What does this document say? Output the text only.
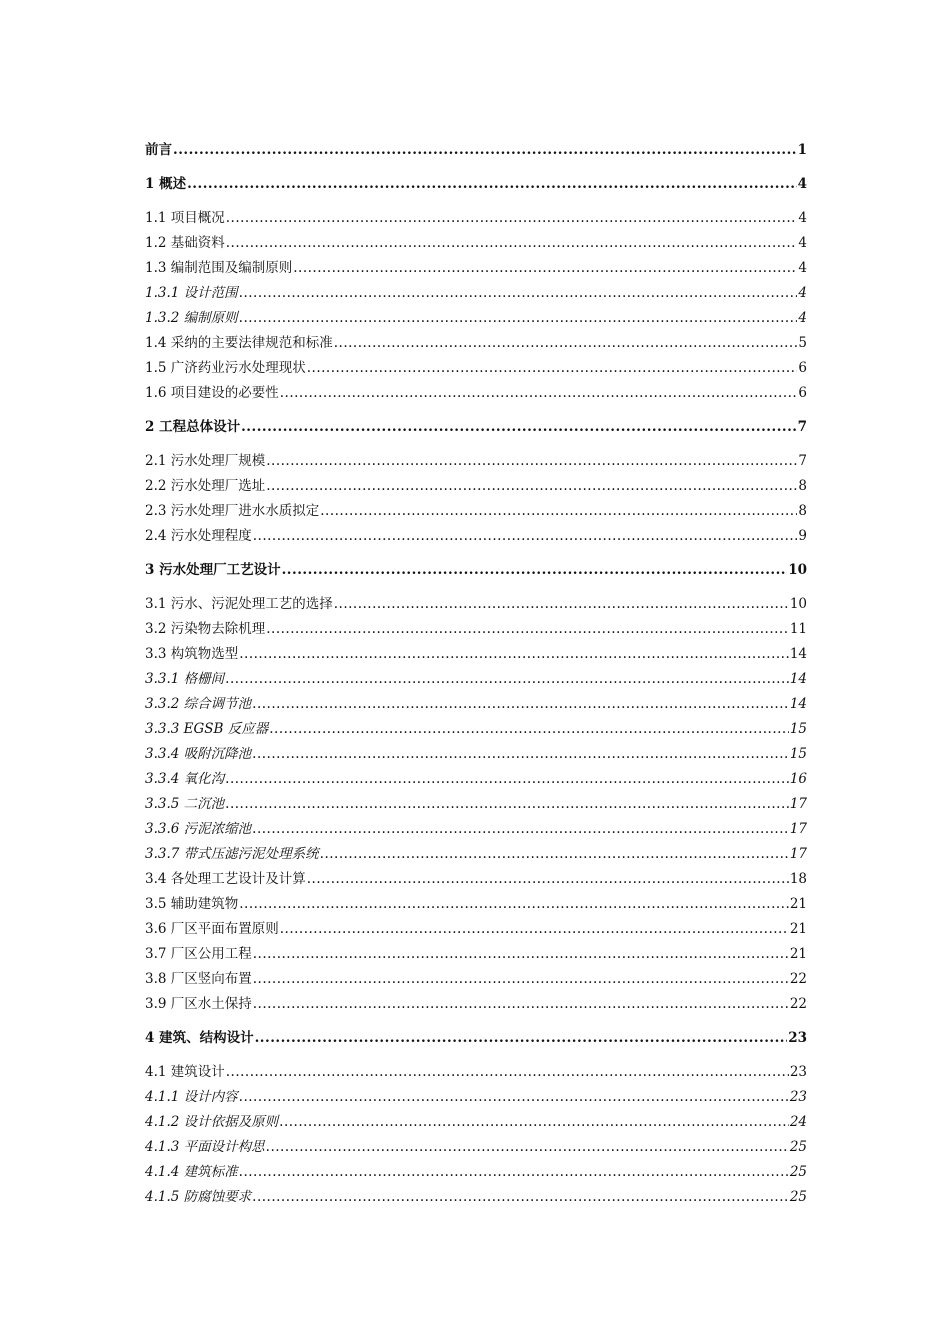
前言 .....	1
1 概述 .....	4
1.1 项目概况 .....	4
1.2 基础资料 .....	4
1.3 编制范围及编制原则 .....	4
1.3.1 设计范围 .....	4
1.3.2 编制原则 .....	4
1.4 采纳的主要法律规范和标准 .....	5
1.5 广济药业污水处理现状 .....	6
1.6 项目建设的必要性 .....	6
2 工程总体设计 .....	7
2.1 污水处理厂规模 .....	7
2.2 污水处理厂选址 .....	8
2.3 污水处理厂进水水质拟定 .....	8
2.4 污水处理程度 .....	9
3 污水处理厂工艺设计 .....	10
3.1 污水、污泥处理工艺的选择 .....	10
3.2 污染物去除机理 .....	11
3.3 构筑物选型 .....	14
3.3.1 格栅间 .....	14
3.3.2 综合调节池 .....	14
3.3.3 EGSB 反应器 .....	15
3.3.4 吸附沉降池 .....	15
3.3.4 氧化沟 .....	16
3.3.5 二沉池 .....	17
3.3.6 污泥浓缩池 .....	17
3.3.7 带式压滤污泥处理系统 .....	17
3.4 各处理工艺设计及计算 .....	18
3.5 辅助建筑物 .....	21
3.6 厂区平面布置原则 .....	21
3.7 厂区公用工程 .....	21
3.8 厂区竖向布置 .....	22
3.9 厂区水土保持 .....	22
4 建筑、结构设计 .....	23
4.1 建筑设计 .....	23
4.1.1 设计内容 .....	23
4.1.2 设计依据及原则 .....	24
4.1.3 平面设计构思 .....	25
4.1.4 建筑标准 .....	25
4.1.5 防腐蚀要求 .....	25
